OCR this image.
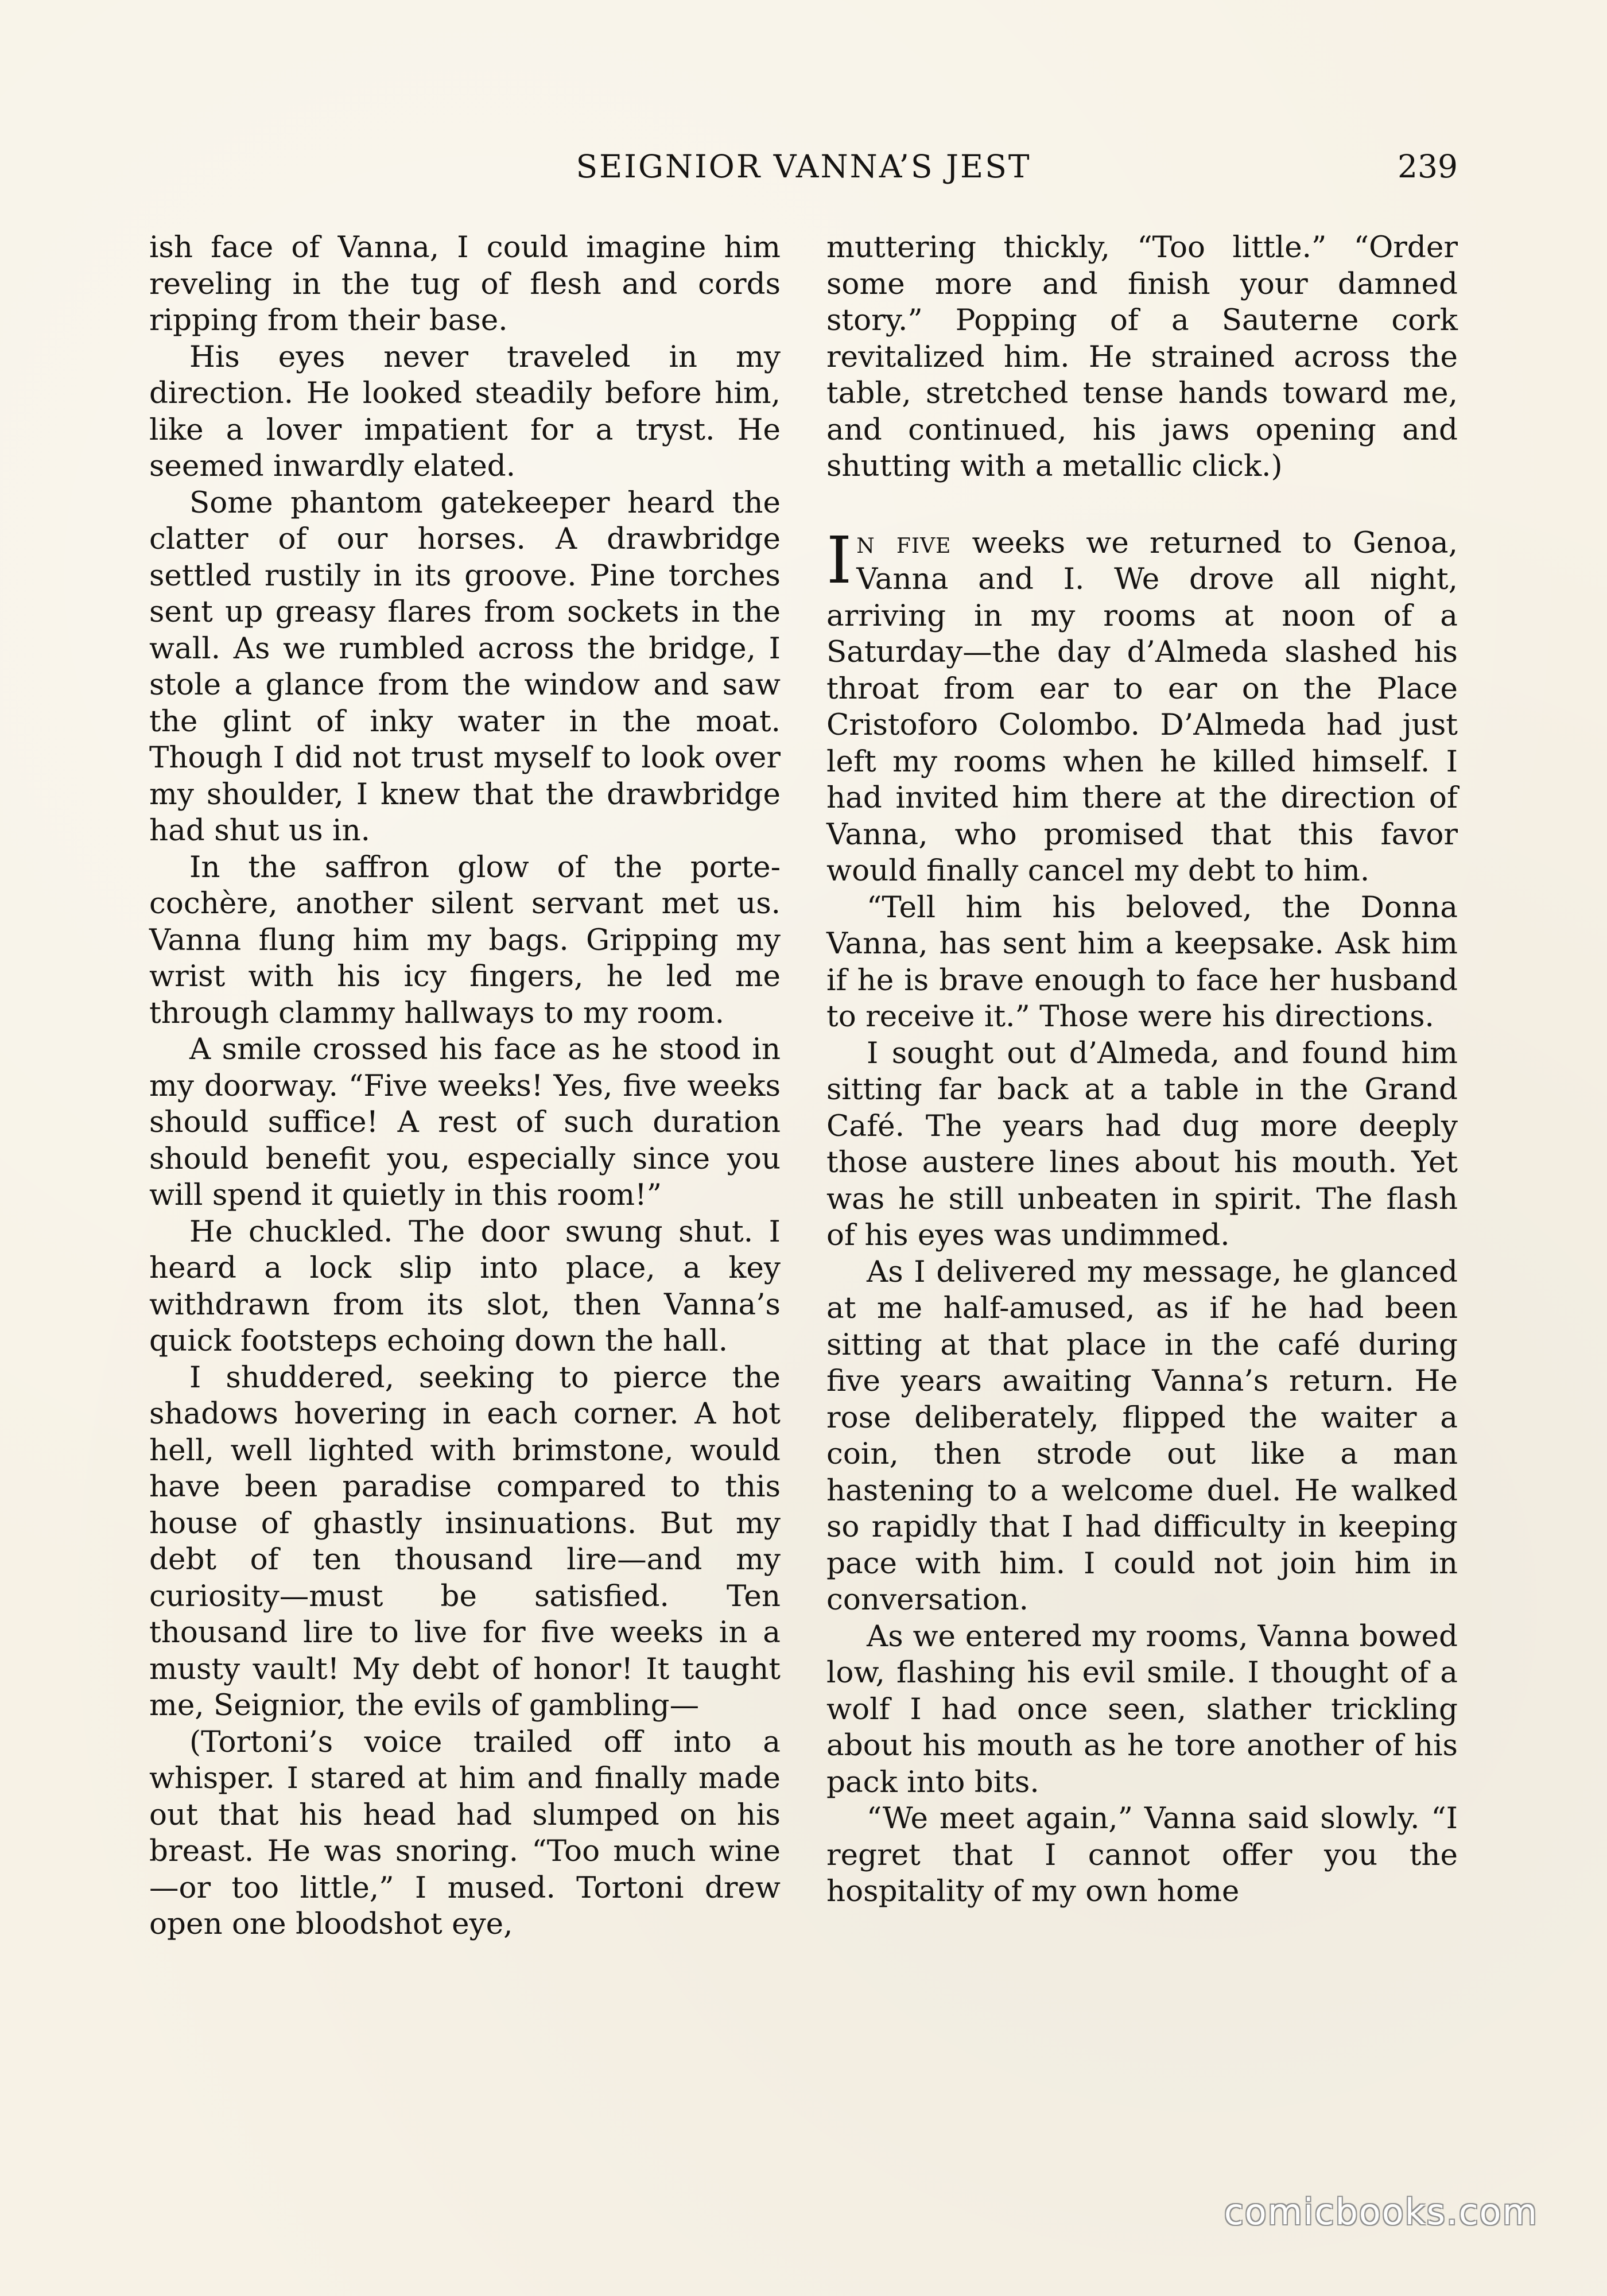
SEIGNIOR VANNA’S JEST	239

ish face of Vanna, I could imagine him reveling in the tug of flesh and cords ripping from their base.

His eyes never traveled in my direction. He looked steadily before him, like a lover impatient for a tryst. He seemed inwardly elated.

Some phantom gatekeeper heard the clatter of our horses. A drawbridge settled rustily in its groove. Pine torches sent up greasy flares from sockets in the wall. As we rumbled across the bridge, I stole a glance from the window and saw the glint of inky water in the moat. Though I did not trust myself to look over my shoulder, I knew that the drawbridge had shut us in.

In the saffron glow of the porte-cochère, another silent servant met us. Vanna flung him my bags. Gripping my wrist with his icy fingers, he led me through clammy hallways to my room.

A smile crossed his face as he stood in my doorway. “Five weeks! Yes, five weeks should suffice! A rest of such duration should benefit you, especially since you will spend it quietly in this room!”

He chuckled. The door swung shut. I heard a lock slip into place, a key withdrawn from its slot, then Vanna’s quick footsteps echoing down the hall.

I shuddered, seeking to pierce the shadows hovering in each corner. A hot hell, well lighted with brimstone, would have been paradise compared to this house of ghastly insinuations. But my debt of ten thousand lire—and my curiosity—must be satisfied. Ten thousand lire to live for five weeks in a musty vault! My debt of honor! It taught me, Seignior, the evils of gambling—

(Tortoni’s voice trailed off into a whisper. I stared at him and finally made out that his head had slumped on his breast. He was snoring. “Too much wine—or too little,” I mused. Tortoni drew open one bloodshot eye,

muttering thickly, “Too little.” “Order some more and finish your damned story.” Popping of a Sauterne cork revitalized him. He strained across the table, stretched tense hands toward me, and continued, his jaws opening and shutting with a metallic click.)

In five weeks we returned to Genoa, Vanna and I. We drove all night, arriving in my rooms at noon of a Saturday—the day d’Almeda slashed his throat from ear to ear on the Place Cristoforo Colombo. D’Almeda had just left my rooms when he killed himself. I had invited him there at the direction of Vanna, who promised that this favor would finally cancel my debt to him.

“Tell him his beloved, the Donna Vanna, has sent him a keepsake. Ask him if he is brave enough to face her husband to receive it.” Those were his directions.

I sought out d’Almeda, and found him sitting far back at a table in the Grand Café. The years had dug more deeply those austere lines about his mouth. Yet was he still unbeaten in spirit. The flash of his eyes was undimmed.

As I delivered my message, he glanced at me half-amused, as if he had been sitting at that place in the café during five years awaiting Vanna’s return. He rose deliberately, flipped the waiter a coin, then strode out like a man hastening to a welcome duel. He walked so rapidly that I had difficulty in keeping pace with him. I could not join him in conversation.

As we entered my rooms, Vanna bowed low, flashing his evil smile. I thought of a wolf I had once seen, slather trickling about his mouth as he tore another of his pack into bits.

“We meet again,” Vanna said slowly. “I regret that I cannot offer you the hospitality of my own home

comicbooks.com
